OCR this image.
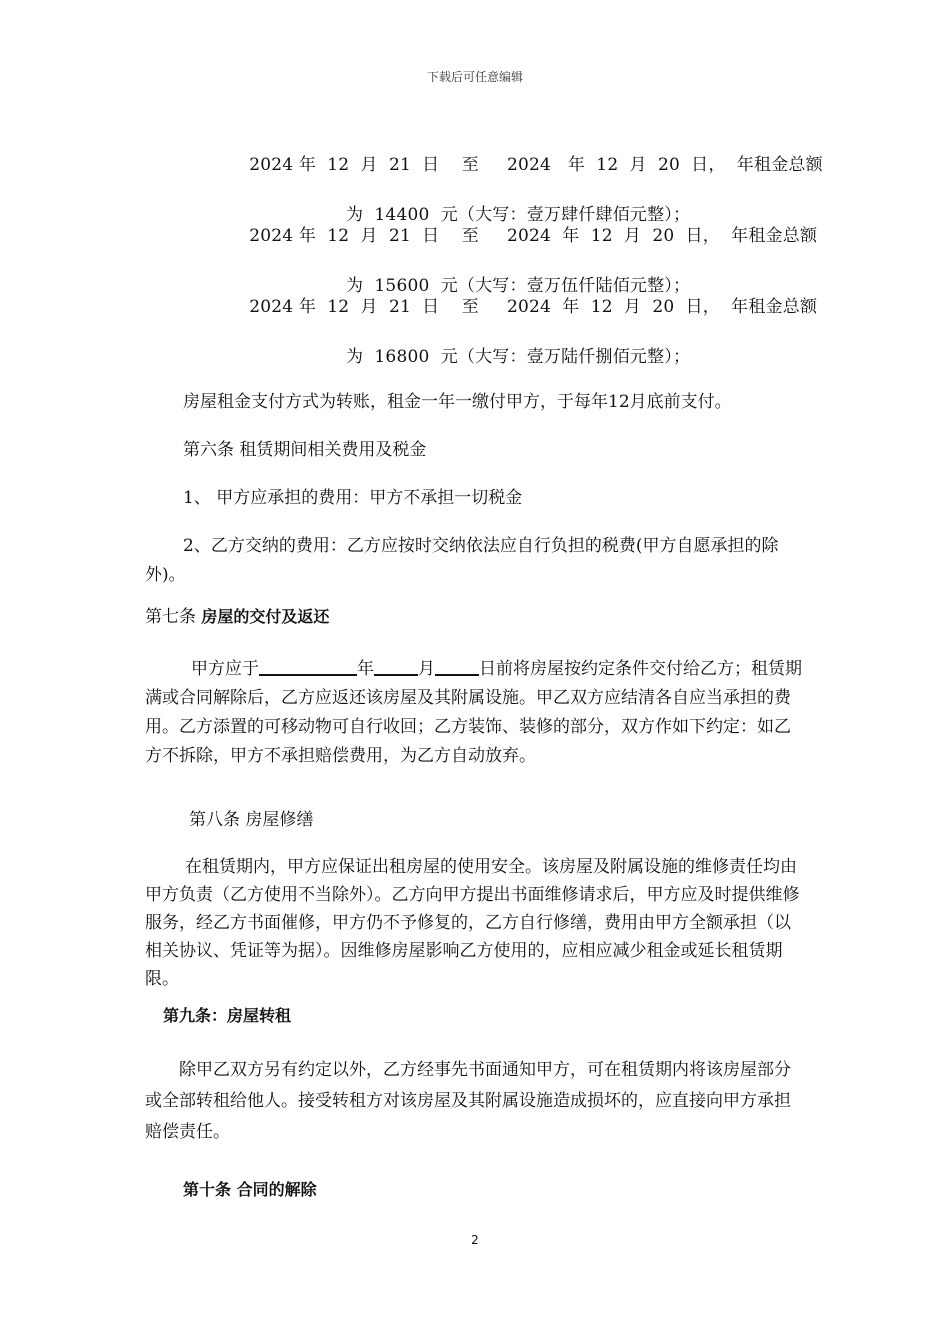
下载后可任意编辑

2024 年  12  月  21  日    至     2024   年  12  月  20  日，  年租金总额

为  14400  元（大写：壹万肆仟肆佰元整）；

2024 年  12  月  21  日    至     2024  年  12  月  20  日，  年租金总额

为  15600  元（大写：壹万伍仟陆佰元整）；

2024 年  12  月  21  日    至     2024  年  12  月  20  日，  年租金总额

为  16800  元（大写：壹万陆仟捌佰元整）；

房屋租金支付方式为转账，租金一年一缴付甲方，于每年12月底前支付。
第六条 租赁期间相关费用及税金
1、 甲方应承担的费用：甲方不承担一切税金
2、乙方交纳的费用：乙方应按时交纳依法应自行负担的税费(甲方自愿承担的除外)。
第七条 房屋的交付及返还
甲方应于	年	月	日前将房屋按约定条件交付给乙方；租赁期满或合同解除后，乙方应返还该房屋及其附属设施。甲乙双方应结清各自应当承担的费用。乙方添置的可移动物可自行收回；乙方装饰、装修的部分，双方作如下约定：如乙方不拆除，甲方不承担赔偿费用，为乙方自动放弃。
第八条 房屋修缮
在租赁期内，甲方应保证出租房屋的使用安全。该房屋及附属设施的维修责任均由甲方负责（乙方使用不当除外）。乙方向甲方提出书面维修请求后，甲方应及时提供维修服务，经乙方书面催修，甲方仍不予修复的，乙方自行修缮，费用由甲方全额承担（以相关协议、凭证等为据）。因维修房屋影响乙方使用的，应相应减少租金或延长租赁期限。
第九条：房屋转租
除甲乙双方另有约定以外，乙方经事先书面通知甲方，可在租赁期内将该房屋部分或全部转租给他人。接受转租方对该房屋及其附属设施造成损坏的，应直接向甲方承担赔偿责任。
第十条 合同的解除
2
